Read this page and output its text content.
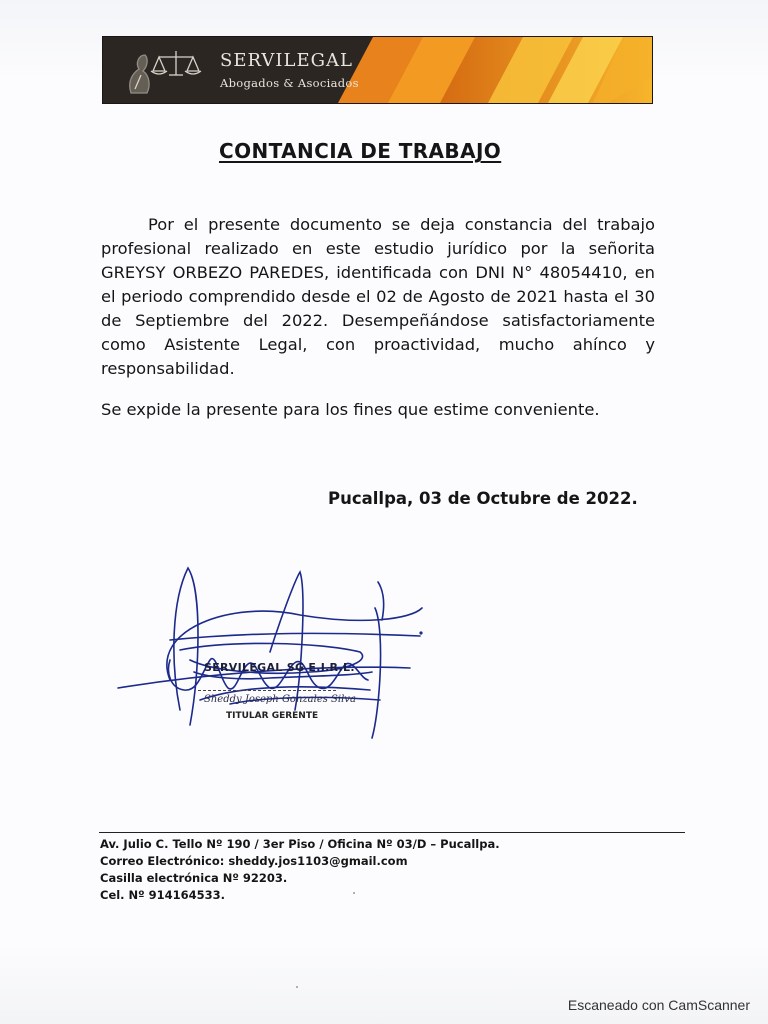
SERVILEGAL
Abogados & Asociados
CONTANCIA DE TRABAJO

Por el presente documento se deja constancia del trabajo profesional realizado en este estudio jurídico por la señorita GREYSY ORBEZO PAREDES, identificada con DNI N° 48054410, en el periodo comprendido desde el 02 de Agosto de 2021 hasta el 30 de Septiembre del 2022. Desempeñándose satisfactoriamente como Asistente Legal, con proactividad, mucho ahínco y responsabilidad.

Se expide la presente para los fines que estime conveniente.
Pucallpa, 03 de Octubre de 2022.
SERVILEGAL SG E.I.R.L.
Sheddy Joseph Gonzales Silva
TITULAR GERENTE
Av. Julio C. Tello Nº 190 / 3er Piso / Oficina Nº 03/D – Pucallpa.
Correo Electrónico: sheddy.jos1103@gmail.com
Casilla electrónica Nº 92203.
Cel. Nº 914164533.
Escaneado con CamScanner
